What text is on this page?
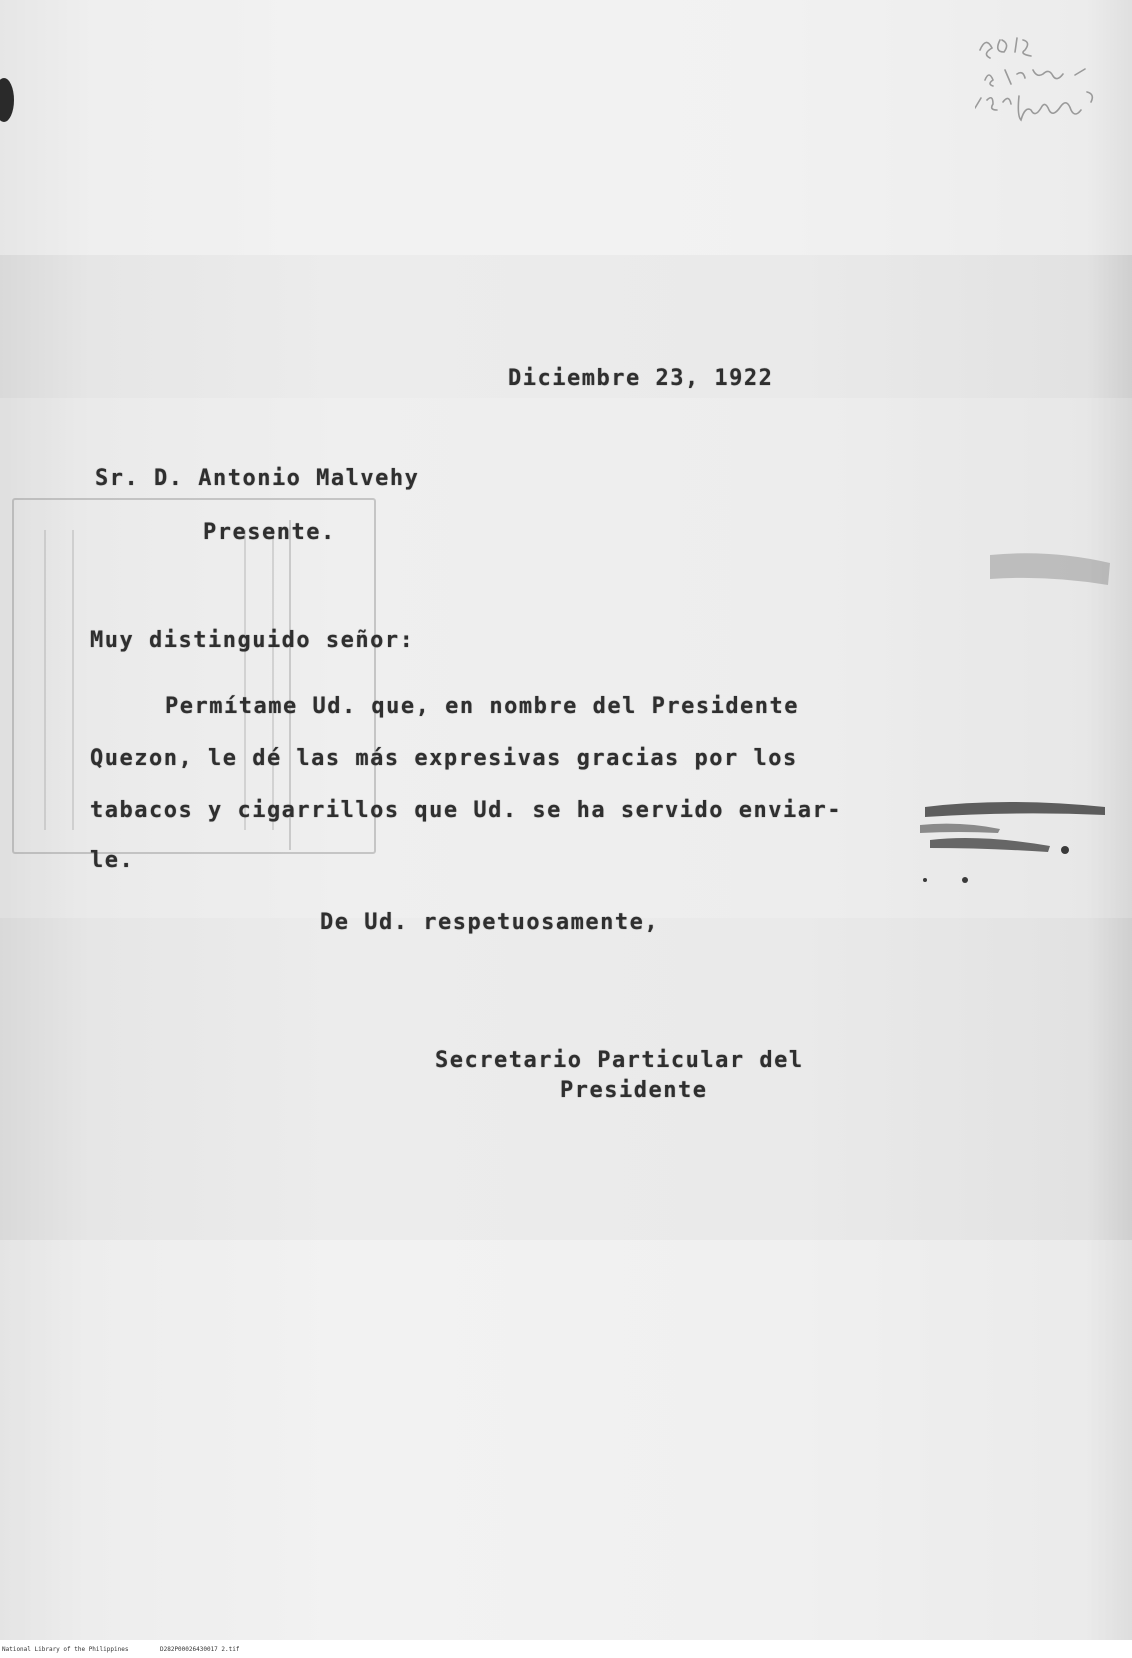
Diciembre 23, 1922

Sr. D. Antonio Malvehy

Presente.

Muy distinguido señor:

Permítame Ud. que, en nombre del Presidente

Quezon, le dé las más expresivas gracias por los

tabacos y cigarrillos que Ud. se ha servido enviar-

le.

De Ud. respetuosamente,

Secretario Particular del

Presidente

National Library of the Philippines	D282P00026430017 2.tif
